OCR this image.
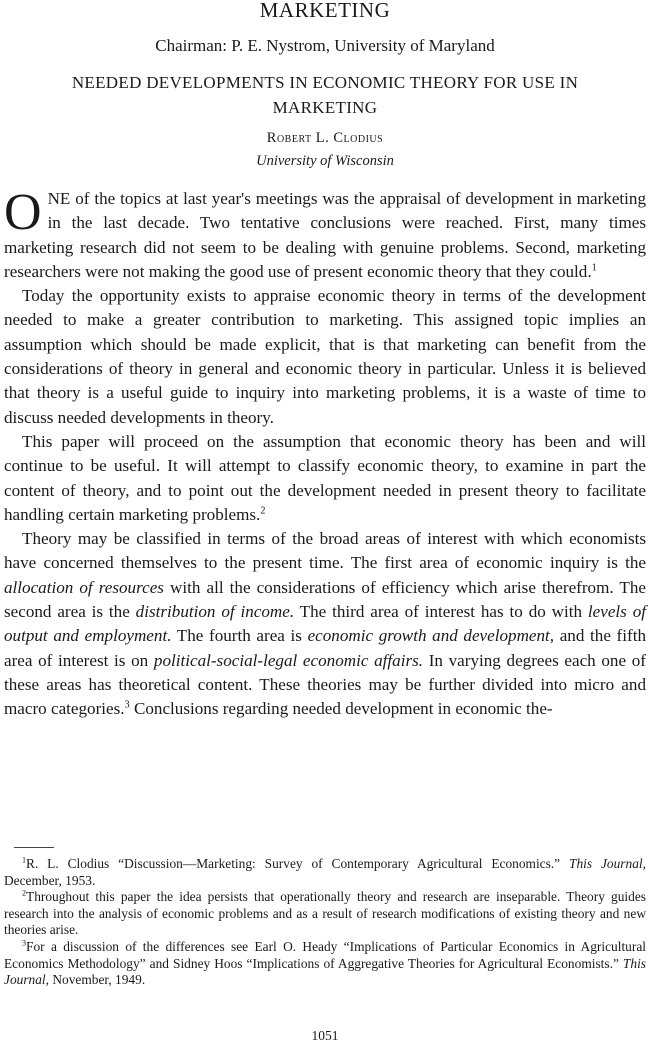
MARKETING
Chairman: P. E. Nystrom, University of Maryland
NEEDED DEVELOPMENTS IN ECONOMIC THEORY FOR USE IN MARKETING
Robert L. Clodius
University of Wisconsin

ONE of the topics at last year's meetings was the appraisal of development in marketing in the last decade. Two tentative conclusions were reached. First, many times marketing research did not seem to be dealing with genuine problems. Second, marketing researchers were not making the good use of present economic theory that they could.$^1$

Today the opportunity exists to appraise economic theory in terms of the development needed to make a greater contribution to marketing. This assigned topic implies an assumption which should be made explicit, that is that marketing can benefit from the considerations of theory in general and economic theory in particular. Unless it is believed that theory is a useful guide to inquiry into marketing problems, it is a waste of time to discuss needed developments in theory.

This paper will proceed on the assumption that economic theory has been and will continue to be useful. It will attempt to classify economic theory, to examine in part the content of theory, and to point out the development needed in present theory to facilitate handling certain marketing problems.$^2$

Theory may be classified in terms of the broad areas of interest with which economists have concerned themselves to the present time. The first area of economic inquiry is the allocation of resources with all the considerations of efficiency which arise therefrom. The second area is the distribution of income. The third area of interest has to do with levels of output and employment. The fourth area is economic growth and development, and the fifth area of interest is on political-social-legal economic affairs. In varying degrees each one of these areas has theoretical content. These theories may be further divided into micro and macro categories.$^3$ Conclusions regarding needed development in economic the-

$^1$R. L. Clodius “Discussion—Marketing: Survey of Contemporary Agricultural Economics.” This Journal, December, 1953.

$^2$Throughout this paper the idea persists that operationally theory and research are inseparable. Theory guides research into the analysis of economic problems and as a result of research modifications of existing theory and new theories arise.

$^3$For a discussion of the differences see Earl O. Heady “Implications of Particular Economics in Agricultural Economics Methodology” and Sidney Hoos “Implications of Aggregative Theories for Agricultural Economists.” This Journal, November, 1949.

1051
